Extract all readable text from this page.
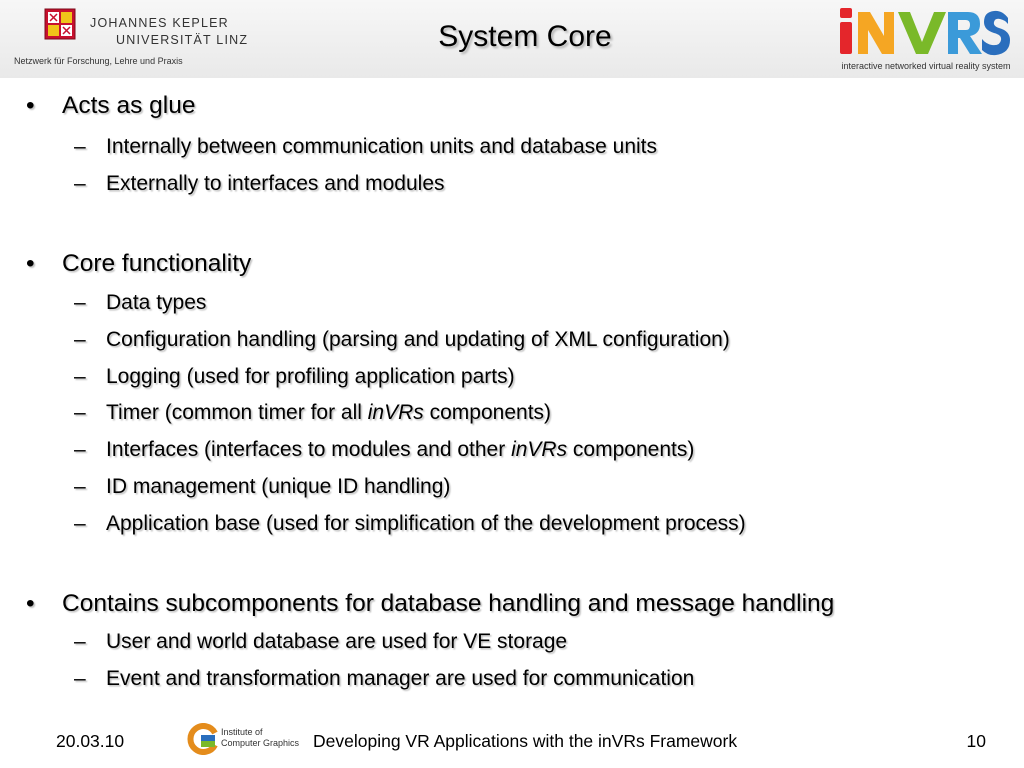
JOHANNES KEPLER
UNIVERSITÄT LINZ
Netzwerk für Forschung, Lehre und Praxis
System Core
interactive networked virtual reality system
• Acts as glue
– Internally between communication units and database units
– Externally to interfaces and modules
• Core functionality
– Data types
– Configuration handling (parsing and updating of XML configuration)
– Logging (used for profiling application parts)
– Timer (common timer for all inVRs components)
– Interfaces (interfaces to modules and other inVRs components)
– ID management (unique ID handling)
– Application base (used for simplification of the development process)
• Contains subcomponents for database handling and message handling
– User and world database are used for VE storage
– Event and transformation manager are used for communication
20.03.10	Institute of
Computer Graphics Developing VR Applications with the inVRs Framework	10
